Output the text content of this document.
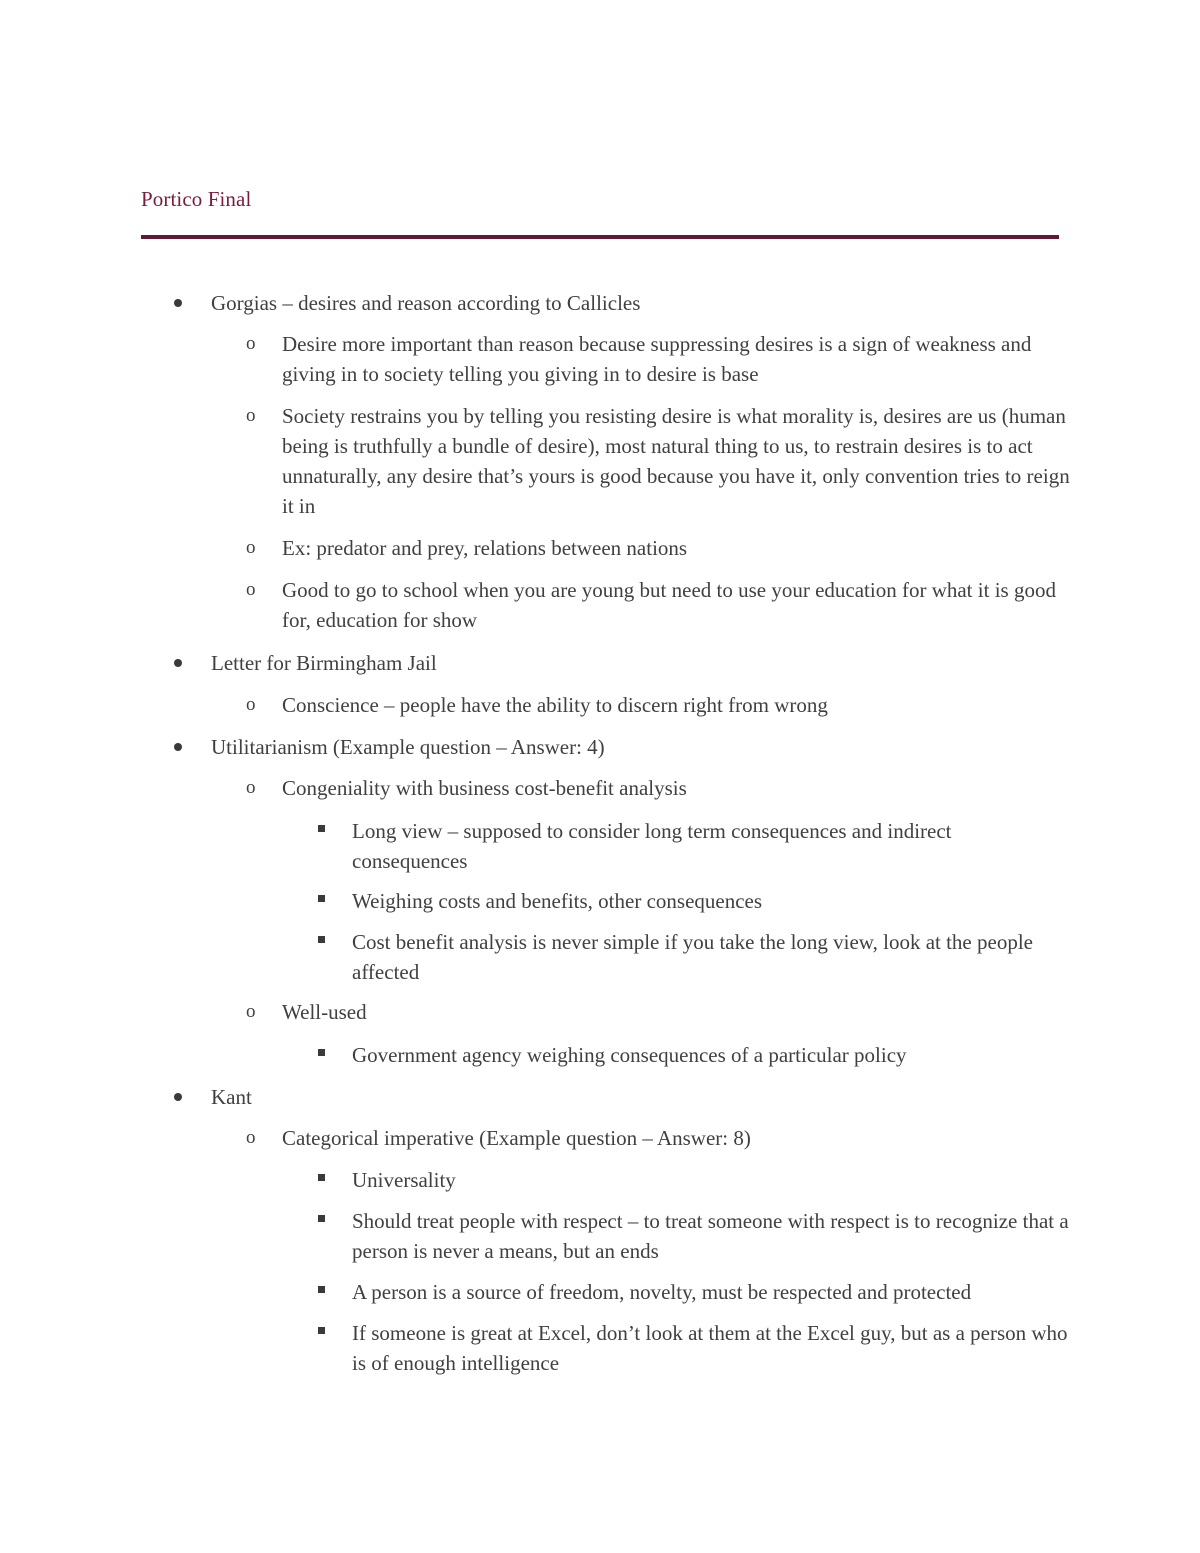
Portico Final
Gorgias – desires and reason according to Callicles
o Desire more important than reason because suppressing desires is a sign of weakness and giving in to society telling you giving in to desire is base
o Society restrains you by telling you resisting desire is what morality is, desires are us (human being is truthfully a bundle of desire), most natural thing to us, to restrain desires is to act unnaturally, any desire that’s yours is good because you have it, only convention tries to reign it in
o Ex: predator and prey, relations between nations
o Good to go to school when you are young but need to use your education for what it is good for, education for show
Letter for Birmingham Jail
o Conscience – people have the ability to discern right from wrong
Utilitarianism (Example question – Answer: 4)
o Congeniality with business cost-benefit analysis
Long view – supposed to consider long term consequences and indirect consequences
Weighing costs and benefits, other consequences
Cost benefit analysis is never simple if you take the long view, look at the people affected
o Well-used
Government agency weighing consequences of a particular policy
Kant
o Categorical imperative (Example question – Answer: 8)
Universality
Should treat people with respect – to treat someone with respect is to recognize that a person is never a means, but an ends
A person is a source of freedom, novelty, must be respected and protected
If someone is great at Excel, don’t look at them at the Excel guy, but as a person who is of enough intelligence
